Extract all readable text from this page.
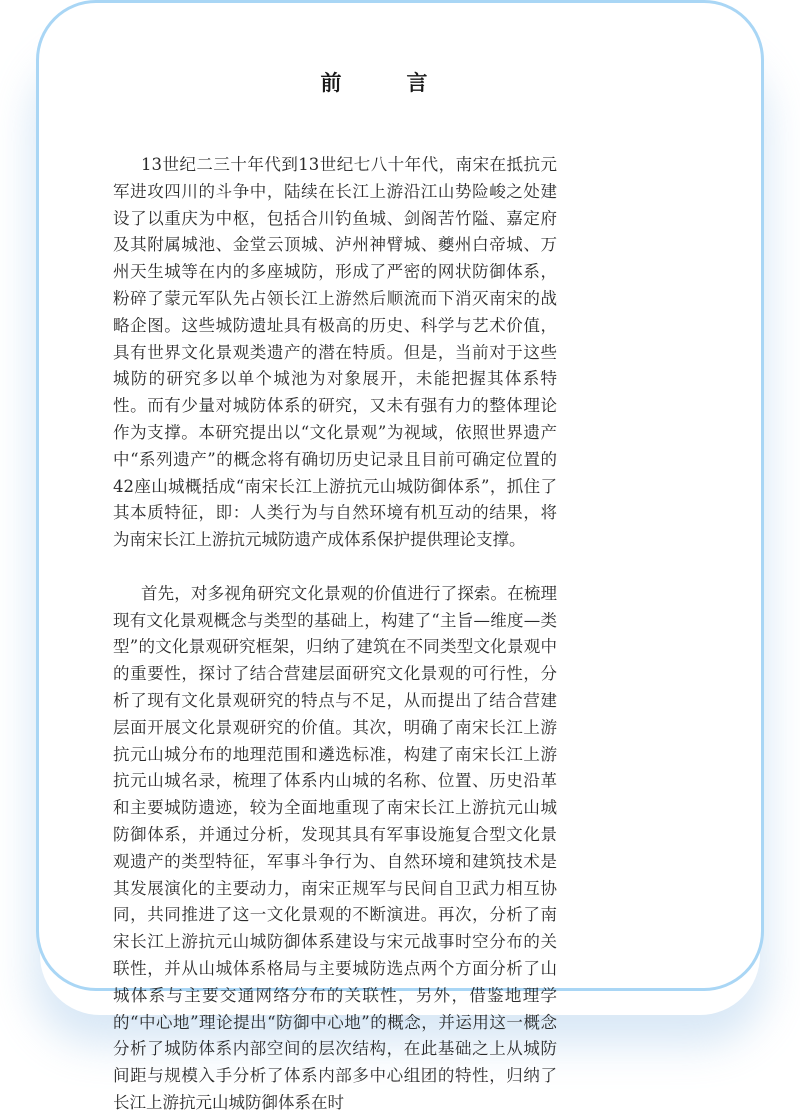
前　言

13世纪二三十年代到13世纪七八十年代，南宋在抵抗元军进攻四川的斗争中，陆续在长江上游沿江山势险峻之处建设了以重庆为中枢，包括合川钓鱼城、剑阁苦竹隘、嘉定府及其附属城池、金堂云顶城、泸州神臂城、夔州白帝城、万州天生城等在内的多座城防，形成了严密的网状防御体系，粉碎了蒙元军队先占领长江上游然后顺流而下消灭南宋的战略企图。这些城防遗址具有极高的历史、科学与艺术价值，具有世界文化景观类遗产的潜在特质。但是，当前对于这些城防的研究多以单个城池为对象展开，未能把握其体系特性。而有少量对城防体系的研究，又未有强有力的整体理论作为支撑。本研究提出以“文化景观”为视域，依照世界遗产中“系列遗产”的概念将有确切历史记录且目前可确定位置的42座山城概括成“南宋长江上游抗元山城防御体系”，抓住了其本质特征，即：人类行为与自然环境有机互动的结果，将为南宋长江上游抗元城防遗产成体系保护提供理论支撑。

首先，对多视角研究文化景观的价值进行了探索。在梳理现有文化景观概念与类型的基础上，构建了“主旨—维度—类型”的文化景观研究框架，归纳了建筑在不同类型文化景观中的重要性，探讨了结合营建层面研究文化景观的可行性，分析了现有文化景观研究的特点与不足，从而提出了结合营建层面开展文化景观研究的价值。其次，明确了南宋长江上游抗元山城分布的地理范围和遴选标准，构建了南宋长江上游抗元山城名录，梳理了体系内山城的名称、位置、历史沿革和主要城防遗迹，较为全面地重现了南宋长江上游抗元山城防御体系，并通过分析，发现其具有军事设施复合型文化景观遗产的类型特征，军事斗争行为、自然环境和建筑技术是其发展演化的主要动力，南宋正规军与民间自卫武力相互协同，共同推进了这一文化景观的不断演进。再次，分析了南宋长江上游抗元山城防御体系建设与宋元战事时空分布的关联性，并从山城体系格局与主要城防选点两个方面分析了山城体系与主要交通网络分布的关联性，另外，借鉴地理学的“中心地”理论提出“防御中心地”的概念，并运用这一概念分析了城防体系内部空间的层次结构，在此基础之上从城防间距与规模入手分析了体系内部多中心组团的特性，归纳了长江上游抗元山城防御体系在时
